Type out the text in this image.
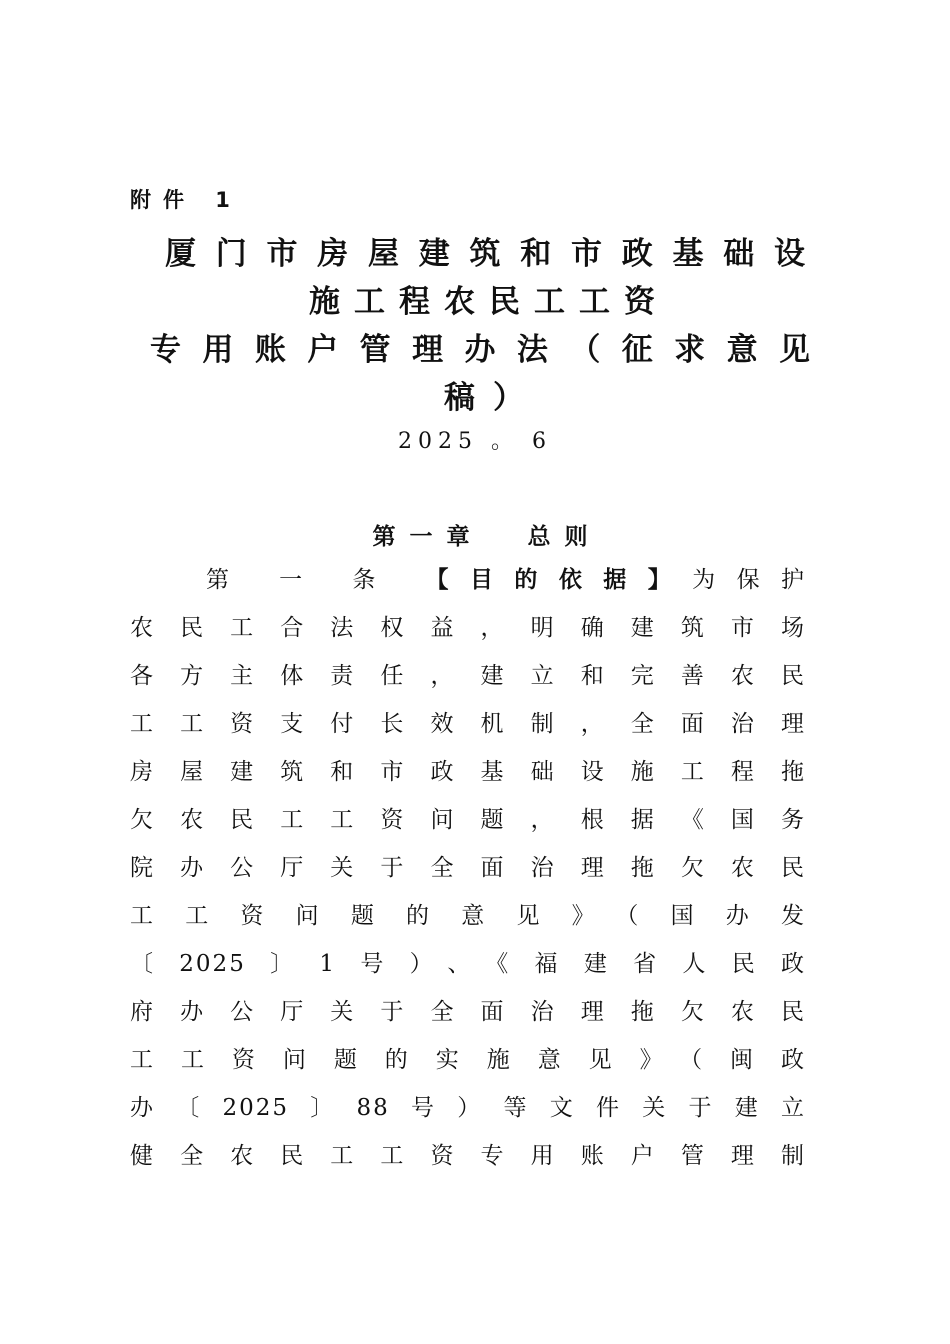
附件 1
厦门市房屋建筑和市政基础设
施工程农民工工资
专用账户管理办法（征求意见
稿）
2025 。 6
第一章  总则
第 一 条 【目的依据】为保护
农民工合法权益，明确建筑市场
各方主体责任，建立和完善农民
工工资支付长效机制，全面治理
房屋建筑和市政基础设施工程拖
欠农民工工资问题，根据《国务
院办公厅关于全面治理拖欠农民
工工资问题的意见》（国办发
〔2025〕1号）、《福建省人民政
府办公厅关于全面治理拖欠农民
工工资问题的实施意见》（闽政
办〔2025〕88号）等文件关于建立
健全农民工工资专用账户管理制
